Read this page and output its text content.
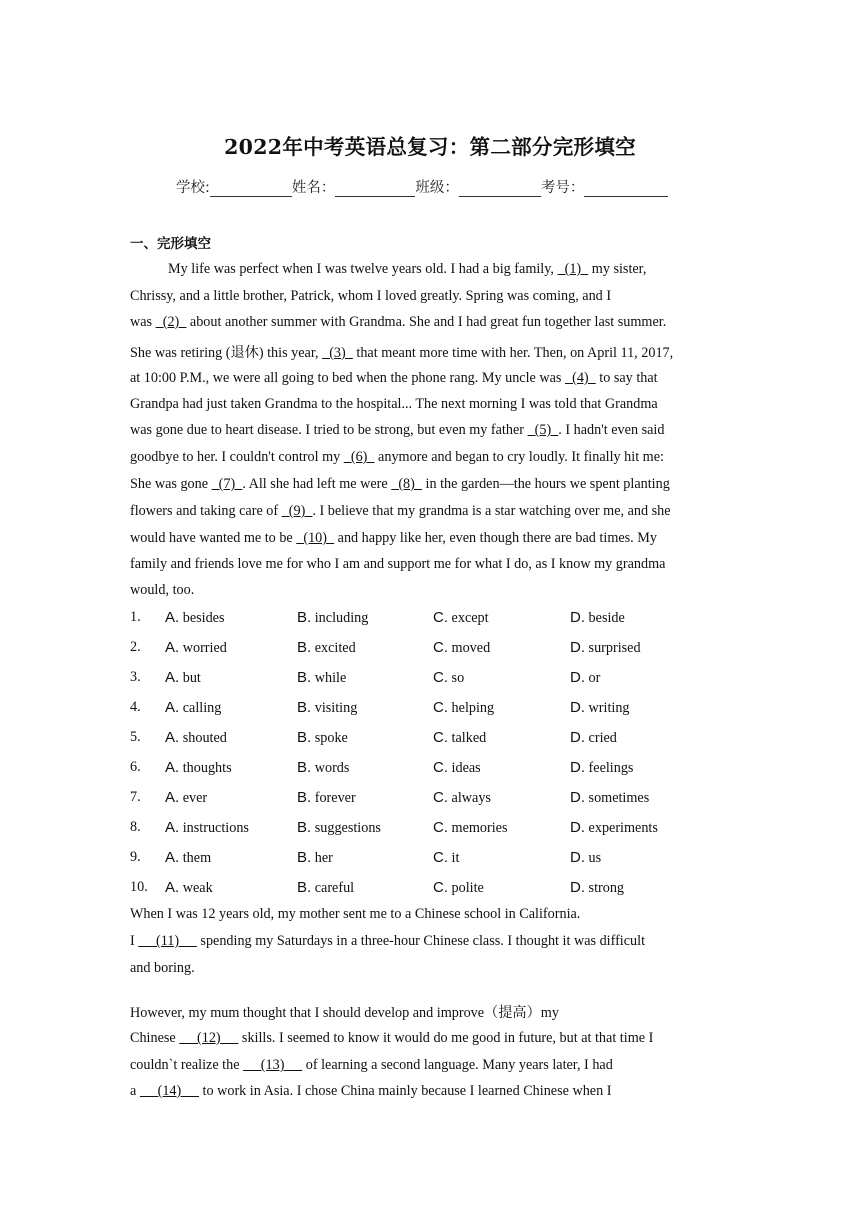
2022年中考英语总复习：第二部分完形填空
学校:	姓名：	班级：	考号：
一、完形填空
My life was perfect when I was twelve years old. I had a big family,   (1)   my sister,
Chrissy, and a little brother, Patrick, whom I loved greatly. Spring was coming, and I
was   (2)   about another summer with Grandma. She and I had great fun together last summer.
She was retiring (退休) this year,   (3)   that meant more time with her. Then, on April 11, 2017,
at 10:00 P.M., we were all going to bed when the phone rang. My uncle was   (4)   to say that
Grandpa had just taken Grandma to the hospital... The next morning I was told that Grandma
was gone due to heart disease. I tried to be strong, but even my father   (5)  . I hadn't even said
goodbye to her. I couldn't control my   (6)   anymore and began to cry loudly. It finally hit me:
She was gone   (7)  . All she had left me were   (8)   in the garden—the hours we spent planting
flowers and taking care of   (9)  . I believe that my grandma is a star watching over me, and she
would have wanted me to be   (10)   and happy like her, even though there are bad times. My
family and friends love me for who I am and support me for what I do, as I know my grandma
would, too.
1. A. besides	B. including	C. except	D. beside
2. A. worried	B. excited	C. moved	D. surprised
3. A. but	B. while	C. so	D. or
4. A. calling	B. visiting	C. helping	D. writing
5. A. shouted	B. spoke	C. talked	D. cried
6. A. thoughts	B. words	C. ideas	D. feelings
7. A. ever	B. forever	C. always	D. sometimes
8. A. instructions	B. suggestions	C. memories	D. experiments
9. A. them	B. her	C. it	D. us
10. A. weak	B. careful	C. polite	D. strong
When I was 12 years old, my mother sent me to a Chinese school in California.
I      (11)      spending my Saturdays in a three-hour Chinese class. I thought it was difficult
and boring.
However, my mum thought that I should develop and improve（提高）my
Chinese      (12)      skills. I seemed to know it would do me good in future, but at that time I
couldn`t realize the      (13)      of learning a second language. Many years later, I had
a      (14)      to work in Asia. I chose China mainly because I learned Chinese when I
